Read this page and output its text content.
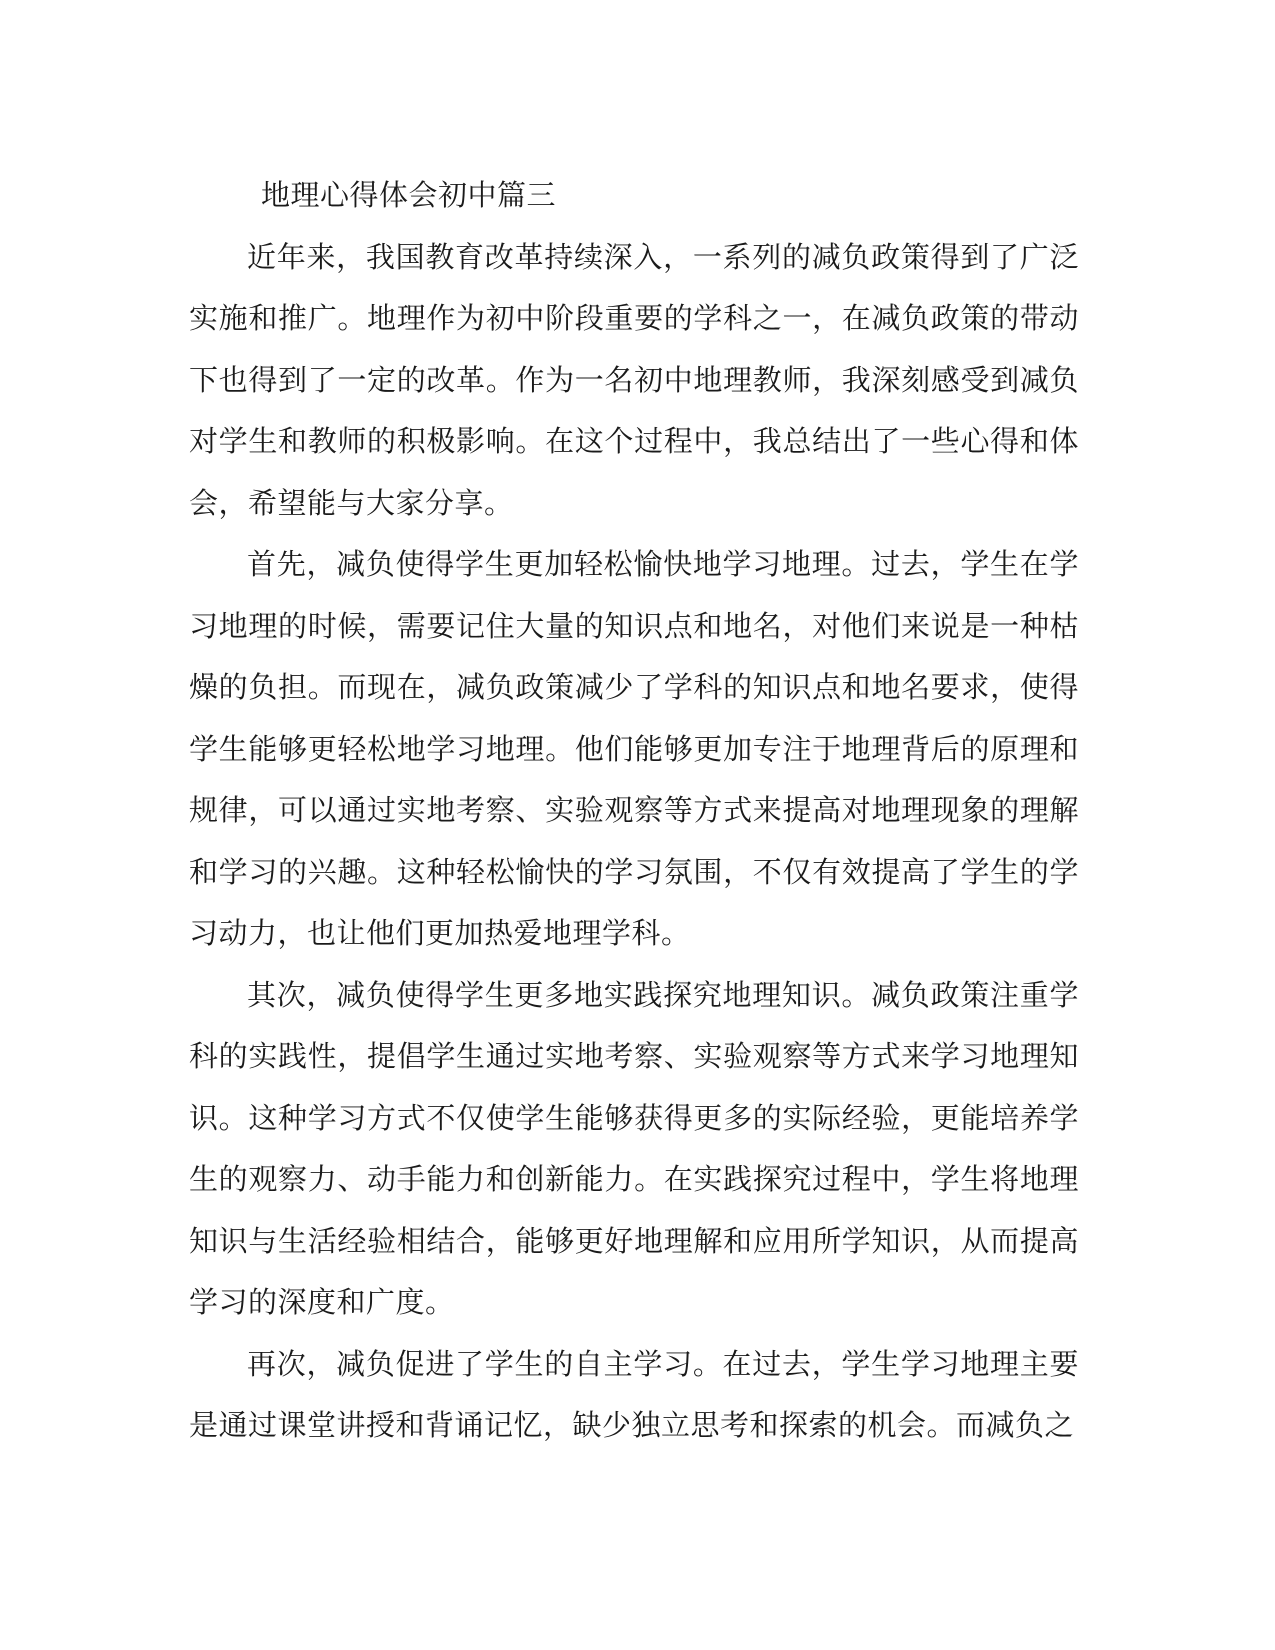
地理心得体会初中篇三

近年来，我国教育改革持续深入，一系列的减负政策得到了广泛实施和推广。地理作为初中阶段重要的学科之一，在减负政策的带动下也得到了一定的改革。作为一名初中地理教师，我深刻感受到减负对学生和教师的积极影响。在这个过程中，我总结出了一些心得和体会，希望能与大家分享。

首先，减负使得学生更加轻松愉快地学习地理。过去，学生在学习地理的时候，需要记住大量的知识点和地名，对他们来说是一种枯燥的负担。而现在，减负政策减少了学科的知识点和地名要求，使得学生能够更轻松地学习地理。他们能够更加专注于地理背后的原理和规律，可以通过实地考察、实验观察等方式来提高对地理现象的理解和学习的兴趣。这种轻松愉快的学习氛围，不仅有效提高了学生的学习动力，也让他们更加热爱地理学科。

其次，减负使得学生更多地实践探究地理知识。减负政策注重学科的实践性，提倡学生通过实地考察、实验观察等方式来学习地理知识。这种学习方式不仅使学生能够获得更多的实际经验，更能培养学生的观察力、动手能力和创新能力。在实践探究过程中，学生将地理知识与生活经验相结合，能够更好地理解和应用所学知识，从而提高学习的深度和广度。

再次，减负促进了学生的自主学习。在过去，学生学习地理主要是通过课堂讲授和背诵记忆，缺少独立思考和探索的机会。而减负之
